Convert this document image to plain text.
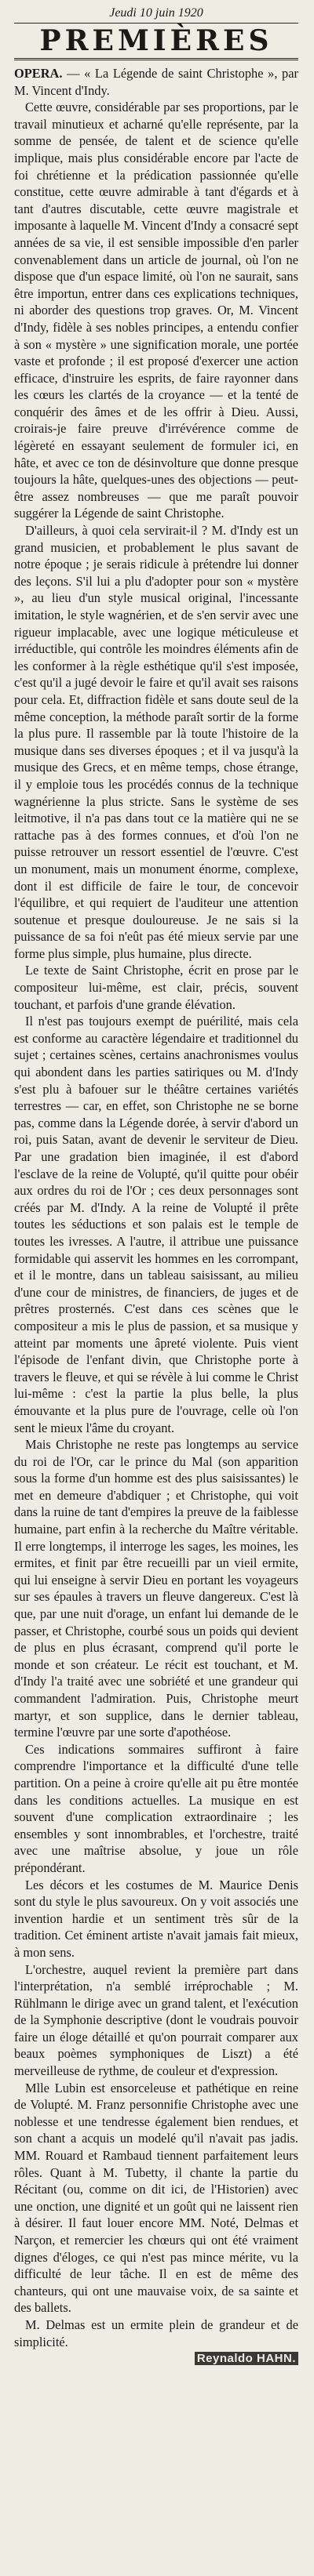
Jeudi 10 juin 1920
PREMIÈRES

OPERA. — « La Légende de saint Christophe », par M. Vincent d'Indy.

Cette œuvre, considérable par ses proportions, par le travail minutieux et acharné qu'elle représente, par la somme de pensée, de talent et de science qu'elle implique, mais plus considérable encore par l'acte de foi chrétienne et la prédication passionnée qu'elle constitue, cette œuvre admirable à tant d'égards et à tant d'autres discutable, cette œuvre magistrale et imposante à laquelle M. Vincent d'Indy a consacré sept années de sa vie, il est sensible impossible d'en parler convenablement dans un article de journal, où l'on ne dispose que d'un espace limité, où l'on ne saurait, sans être importun, entrer dans ces explications techniques, ni aborder des questions trop graves. Or, M. Vincent d'Indy, fidèle à ses nobles principes, a entendu confier à son « mystère » une signification morale, une portée vaste et profonde ; il est proposé d'exercer une action efficace, d'instruire les esprits, de faire rayonner dans les cœurs les clartés de la croyance — et la tenté de conquérir des âmes et de les offrir à Dieu. Aussi, croirais-je faire preuve d'irrévérence comme de légèreté en essayant seulement de formuler ici, en hâte, et avec ce ton de désinvolture que donne presque toujours la hâte, quelques-unes des objections — peut-être assez nombreuses — que me paraît pouvoir suggérer la Légende de saint Christophe.

D'ailleurs, à quoi cela servirait-il ? M. d'Indy est un grand musicien, et probablement le plus savant de notre époque ; je serais ridicule à prétendre lui donner des leçons. S'il lui a plu d'adopter pour son « mystère », au lieu d'un style musical original, l'incessante imitation, le style wagnérien, et de s'en servir avec une rigueur implacable, avec une logique méticuleuse et irréductible, qui contrôle les moindres éléments afin de les conformer à la règle esthétique qu'il s'est imposée, c'est qu'il a jugé devoir le faire et qu'il avait ses raisons pour cela. Et, diffraction fidèle et sans doute seul de la même conception, la méthode paraît sortir de la forme la plus pure. Il rassemble par là toute l'histoire de la musique dans ses diverses époques ; et il va jusqu'à la musique des Grecs, et en même temps, chose étrange, il y emploie tous les procédés connus de la technique wagnérienne la plus stricte. Sans le système de ses leitmotive, il n'a pas dans tout ce la matière qui ne se rattache pas à des formes connues, et d'où l'on ne puisse retrouver un ressort essentiel de l'œuvre. C'est un monument, mais un monument énorme, complexe, dont il est difficile de faire le tour, de concevoir l'équilibre, et qui requiert de l'auditeur une attention soutenue et presque douloureuse. Je ne sais si la puissance de sa foi n'eût pas été mieux servie par une forme plus simple, plus humaine, plus directe.

Le texte de Saint Christophe, écrit en prose par le compositeur lui-même, est clair, précis, souvent touchant, et parfois d'une grande élévation.

Il n'est pas toujours exempt de puérilité, mais cela est conforme au caractère légendaire et traditionnel du sujet ; certaines scènes, certains anachronismes voulus qui abondent dans les parties satiriques ou M. d'Indy s'est plu à bafouer sur le théâtre certaines variétés terrestres — car, en effet, son Christophe ne se borne pas, comme dans la Légende dorée, à servir d'abord un roi, puis Satan, avant de devenir le serviteur de Dieu. Par une gradation bien imaginée, il est d'abord l'esclave de la reine de Volupté, qu'il quitte pour obéir aux ordres du roi de l'Or ; ces deux personnages sont créés par M. d'Indy. A la reine de Volupté il prête toutes les séductions et son palais est le temple de toutes les ivresses. A l'autre, il attribue une puissance formidable qui asservit les hommes en les corrompant, et il le montre, dans un tableau saisissant, au milieu d'une cour de ministres, de financiers, de juges et de prêtres prosternés. C'est dans ces scènes que le compositeur a mis le plus de passion, et sa musique y atteint par moments une âpreté violente. Puis vient l'épisode de l'enfant divin, que Christophe porte à travers le fleuve, et qui se révèle à lui comme le Christ lui-même : c'est la partie la plus belle, la plus émouvante et la plus pure de l'ouvrage, celle où l'on sent le mieux l'âme du croyant.

Mais Christophe ne reste pas longtemps au service du roi de l'Or, car le prince du Mal (son apparition sous la forme d'un homme est des plus saisissantes) le met en demeure d'abdiquer ; et Christophe, qui voit dans la ruine de tant d'empires la preuve de la faiblesse humaine, part enfin à la recherche du Maître véritable. Il erre longtemps, il interroge les sages, les moines, les ermites, et finit par être recueilli par un vieil ermite, qui lui enseigne à servir Dieu en portant les voyageurs sur ses épaules à travers un fleuve dangereux. C'est là que, par une nuit d'orage, un enfant lui demande de le passer, et Christophe, courbé sous un poids qui devient de plus en plus écrasant, comprend qu'il porte le monde et son créateur. Le récit est touchant, et M. d'Indy l'a traité avec une sobriété et une grandeur qui commandent l'admiration. Puis, Christophe meurt martyr, et son supplice, dans le dernier tableau, termine l'œuvre par une sorte d'apothéose.

Ces indications sommaires suffiront à faire comprendre l'importance et la difficulté d'une telle partition. On a peine à croire qu'elle ait pu être montée dans les conditions actuelles. La musique en est souvent d'une complication extraordinaire ; les ensembles y sont innombrables, et l'orchestre, traité avec une maîtrise absolue, y joue un rôle prépondérant.

Les décors et les costumes de M. Maurice Denis sont du style le plus savoureux. On y voit associés une invention hardie et un sentiment très sûr de la tradition. Cet éminent artiste n'avait jamais fait mieux, à mon sens.

L'orchestre, auquel revient la première part dans l'interprétation, n'a semblé irréprochable ; M. Rühlmann le dirige avec un grand talent, et l'exécution de la Symphonie descriptive (dont le voudrais pouvoir faire un éloge détaillé et qu'on pourrait comparer aux beaux poèmes symphoniques de Liszt) a été merveilleuse de rythme, de couleur et d'expression.

Mlle Lubin est ensorceleuse et pathétique en reine de Volupté. M. Franz personnifie Christophe avec une noblesse et une tendresse également bien rendues, et son chant a acquis un modelé qu'il n'avait pas jadis. MM. Rouard et Rambaud tiennent parfaitement leurs rôles. Quant à M. Tubetty, il chante la partie du Récitant (ou, comme on dit ici, de l'Historien) avec une onction, une dignité et un goût qui ne laissent rien à désirer. Il faut louer encore MM. Noté, Delmas et Narçon, et remercier les chœurs qui ont été vraiment dignes d'éloges, ce qui n'est pas mince mérite, vu la difficulté de leur tâche. Il en est de même des chanteurs, qui ont une mauvaise voix, de sa sainte et des ballets.

M. Delmas est un ermite plein de grandeur et de simplicité.

Reynaldo HAHN.
